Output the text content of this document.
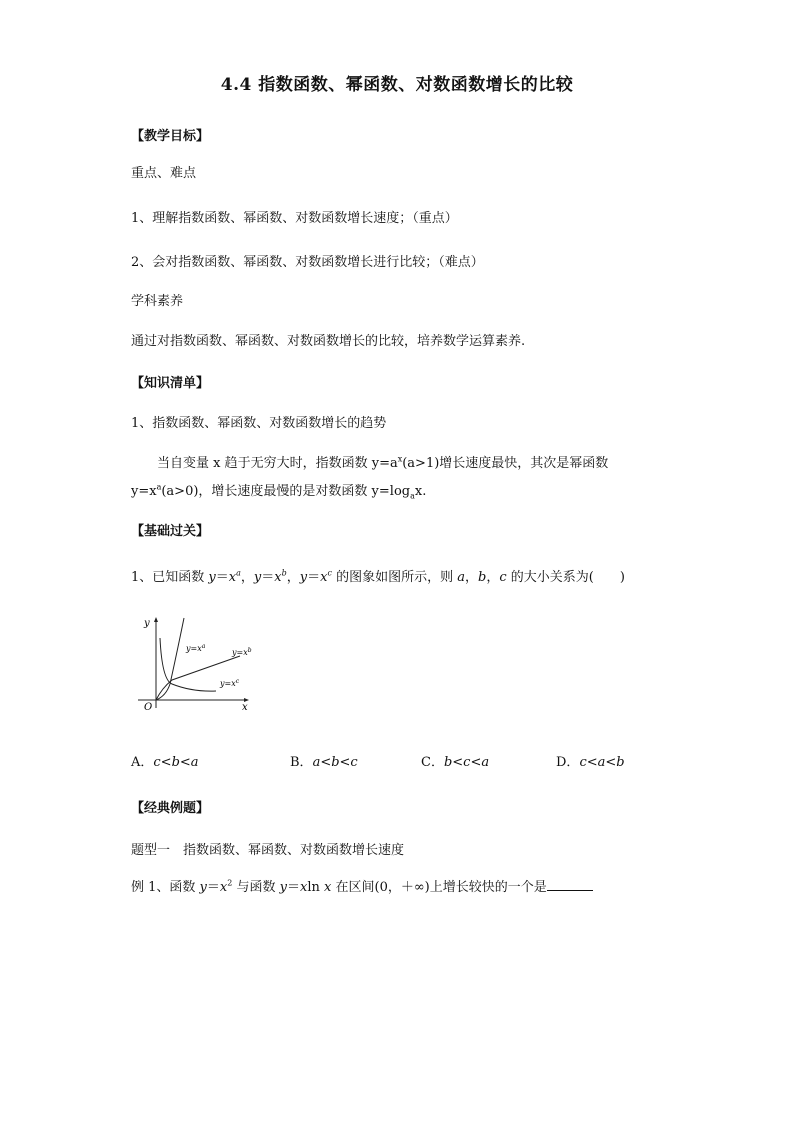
4.4 指数函数、幂函数、对数函数增长的比较
【教学目标】
重点、难点
1、理解指数函数、幂函数、对数函数增长速度；（重点）
2、会对指数函数、幂函数、对数函数增长进行比较；（难点）
学科素养
通过对指数函数、幂函数、对数函数增长的比较，培养数学运算素养.
【知识清单】
1、指数函数、幂函数、对数函数增长的趋势
当自变量 x 趋于无穷大时，指数函数 $y=a^x(a>1)$增长速度最快，其次是幂函数
$y=x^a(a>0)$，增长速度最慢的是对数函数 $y=\log_ax$.
【基础过关】
1、已知函数 $y=x^a$，$y=x^b$，$y=x^c$ 的图象如图所示，则 a，b，c 的大小关系为(　　)
y
x
O
$y=x^a$
$y=x^b$
$y=x^c$
A．c<b<a	B．a<b<c	C．b<c<a	D．c<a<b
【经典例题】
题型一　指数函数、幂函数、对数函数增长速度
例 1、函数 $y=x^2$ 与函数 y＝xln x 在区间(0，＋∞)上增长较快的一个是
